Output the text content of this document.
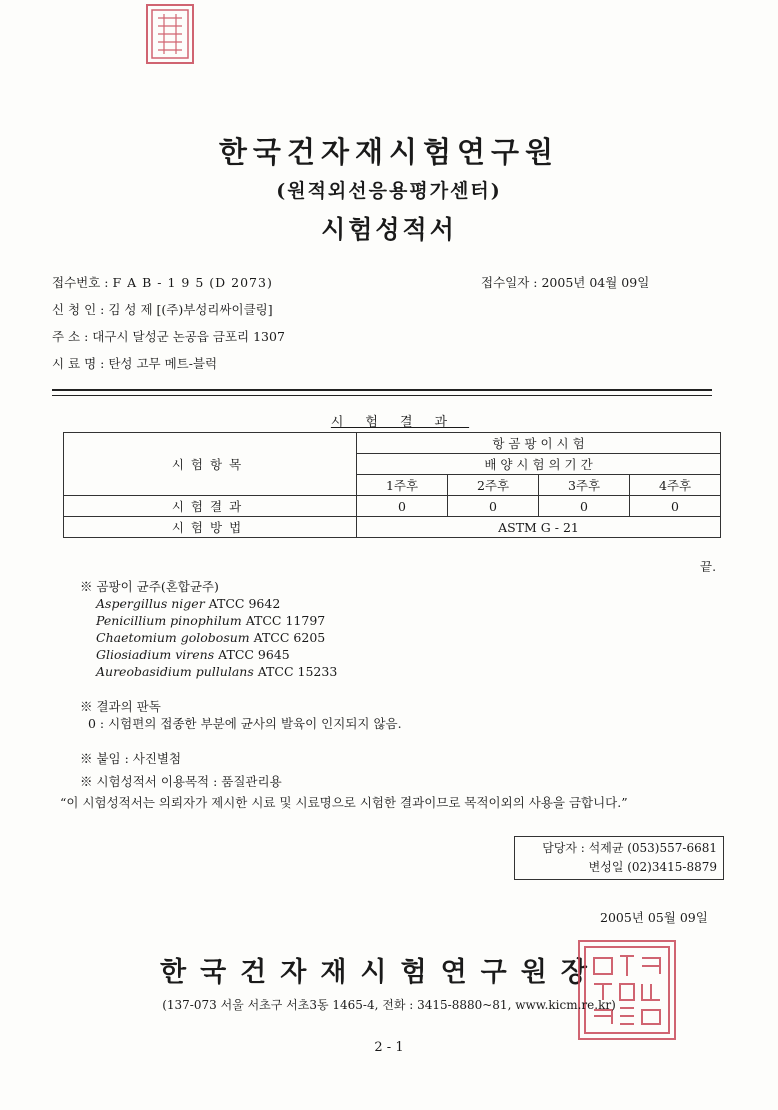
한국건자재시험연구원
(원적외선응용평가센터)
시험성적서
접수번호 : F A B - 1 9 5 (D 2073)	접수일자 : 2005년 04월 09일
신 청 인 : 김 성 제 [(주)부성리싸이클링]
주 소 : 대구시 달성군 논공읍 금포리 1307
시 료 명 : 탄성 고무 메트-블럭
시험결과
시험항목	항 곰 팡 이 시 험			
	배 양 시 험 의 기 간			
	1주후	2주후	3주후	4주후
시험결과	0	0	0	0
시험방법	ASTM G - 21			
끝.
※ 곰팡이 균주(혼합균주)
Aspergillus niger ATCC 9642
Penicillium pinophilum ATCC 11797
Chaetomium golobosum ATCC 6205
Gliosiadium virens ATCC 9645
Aureobasidium pullulans ATCC 15233
※ 결과의 판독
0 : 시험편의 접종한 부분에 균사의 발육이 인지되지 않음.
※ 붙임 : 사진별첨
※ 시험성적서 이용목적 : 품질관리용
“이 시험성적서는 의뢰자가 제시한 시료 및 시료명으로 시험한 결과이므로 목적이외의 사용을 금합니다.”
담당자 : 석제균 (053)557-6681
변성일 (02)3415-8879
2005년 05월 09일
한국건자재시험연구원장
(137-073 서울 서초구 서초3동 1465-4, 전화 : 3415-8880~81, www.kicm.re.kr)
2 - 1
